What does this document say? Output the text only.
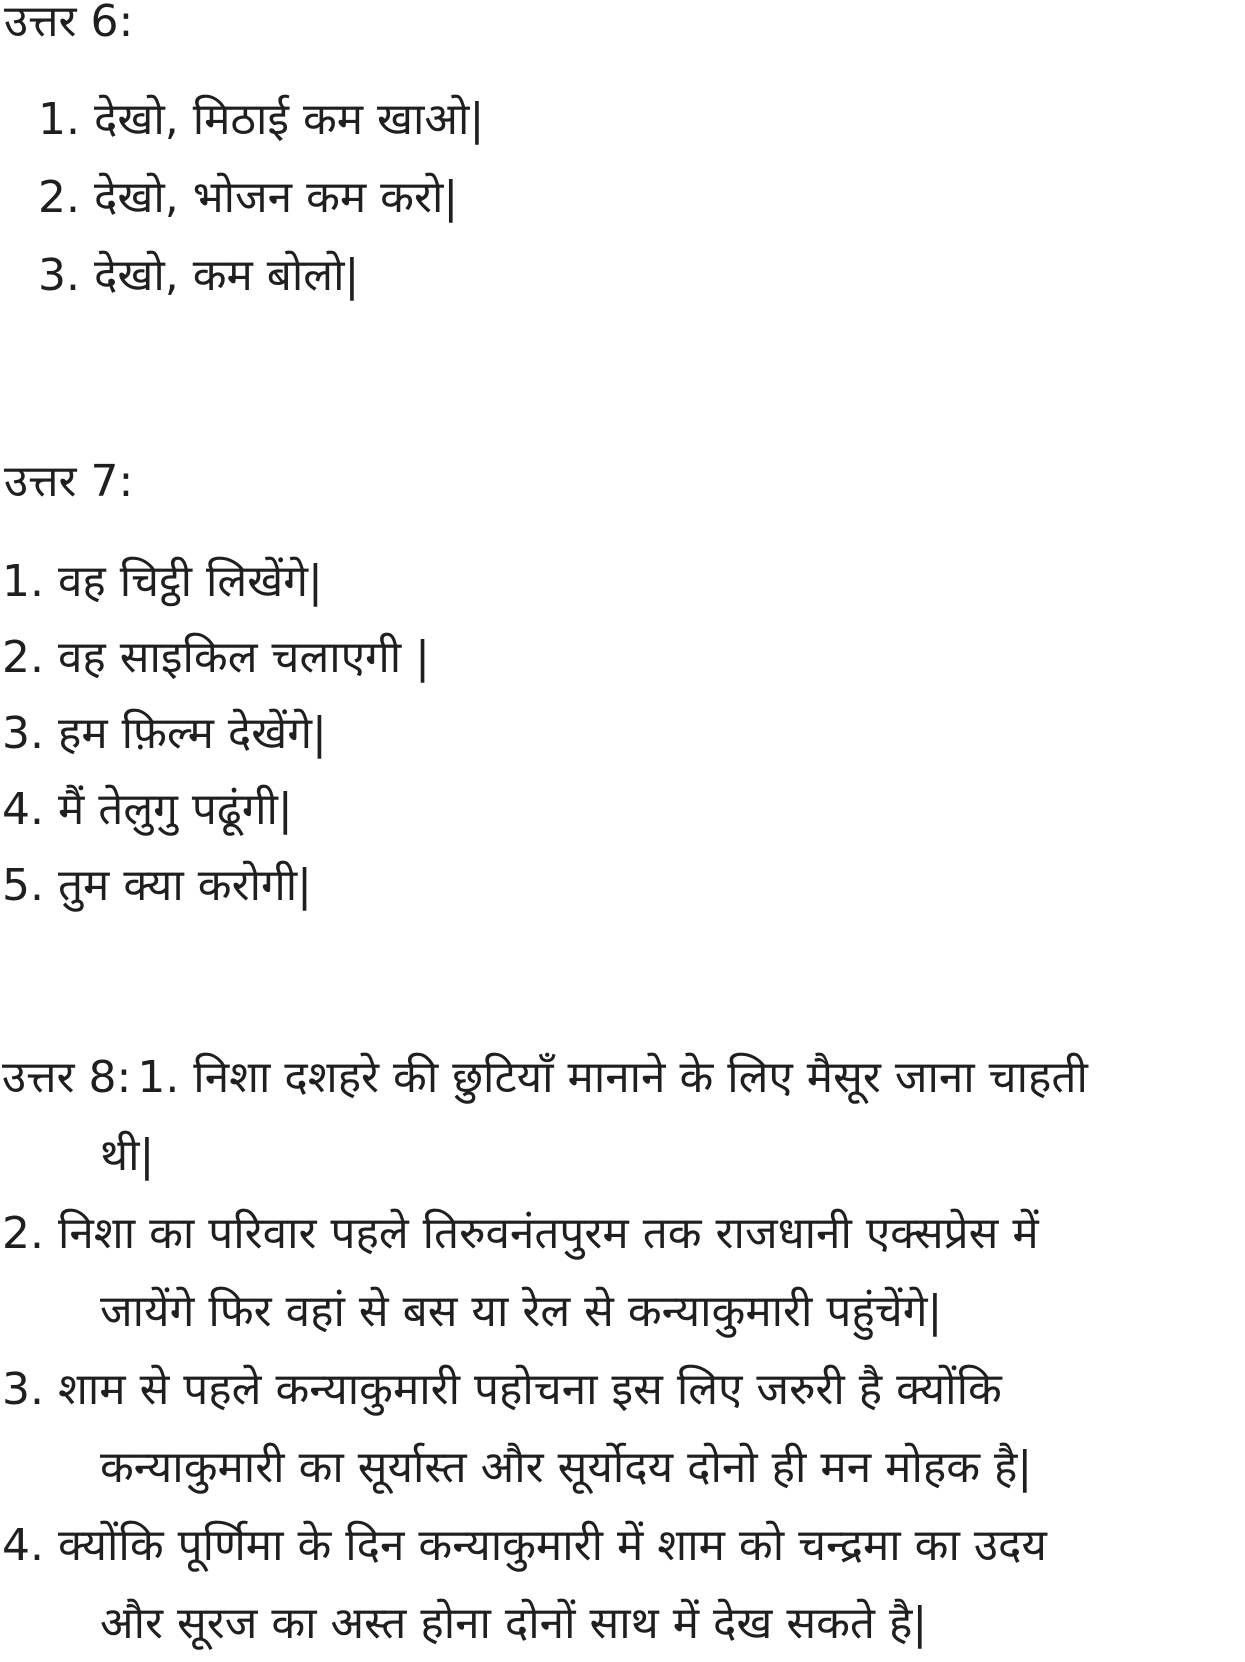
उत्तर 6:
1. देखो, मिठाई कम खाओ|
2. देखो, भोजन कम करो|
3. देखो, कम बोलो|
उत्तर 7:
1. वह चिट्ठी लिखेंगे|
2. वह साइकिल चलाएगी |
3. हम फ़िल्म देखेंगे|
4. मैं तेलुगु पढूंगी|
5. तुम क्या करोगी|
उत्तर 8: 1. निशा दशहरे की छुटियाँ मानाने के लिए मैसूर जाना चाहती
थी|
2. निशा का परिवार पहले तिरुवनंतपुरम तक राजधानी एक्सप्रेस में
जायेंगे फिर वहां से बस या रेल से कन्याकुमारी पहुंचेंगे|
3. शाम से पहले कन्याकुमारी पहोचना इस लिए जरुरी है क्योंकि
कन्याकुमारी का सूर्यास्त और सूर्योदय दोनो ही मन मोहक है|
4. क्योंकि पूर्णिमा के दिन कन्याकुमारी में शाम को चन्द्रमा का उदय
और सूरज का अस्त होना दोनों साथ में देख सकते है|
